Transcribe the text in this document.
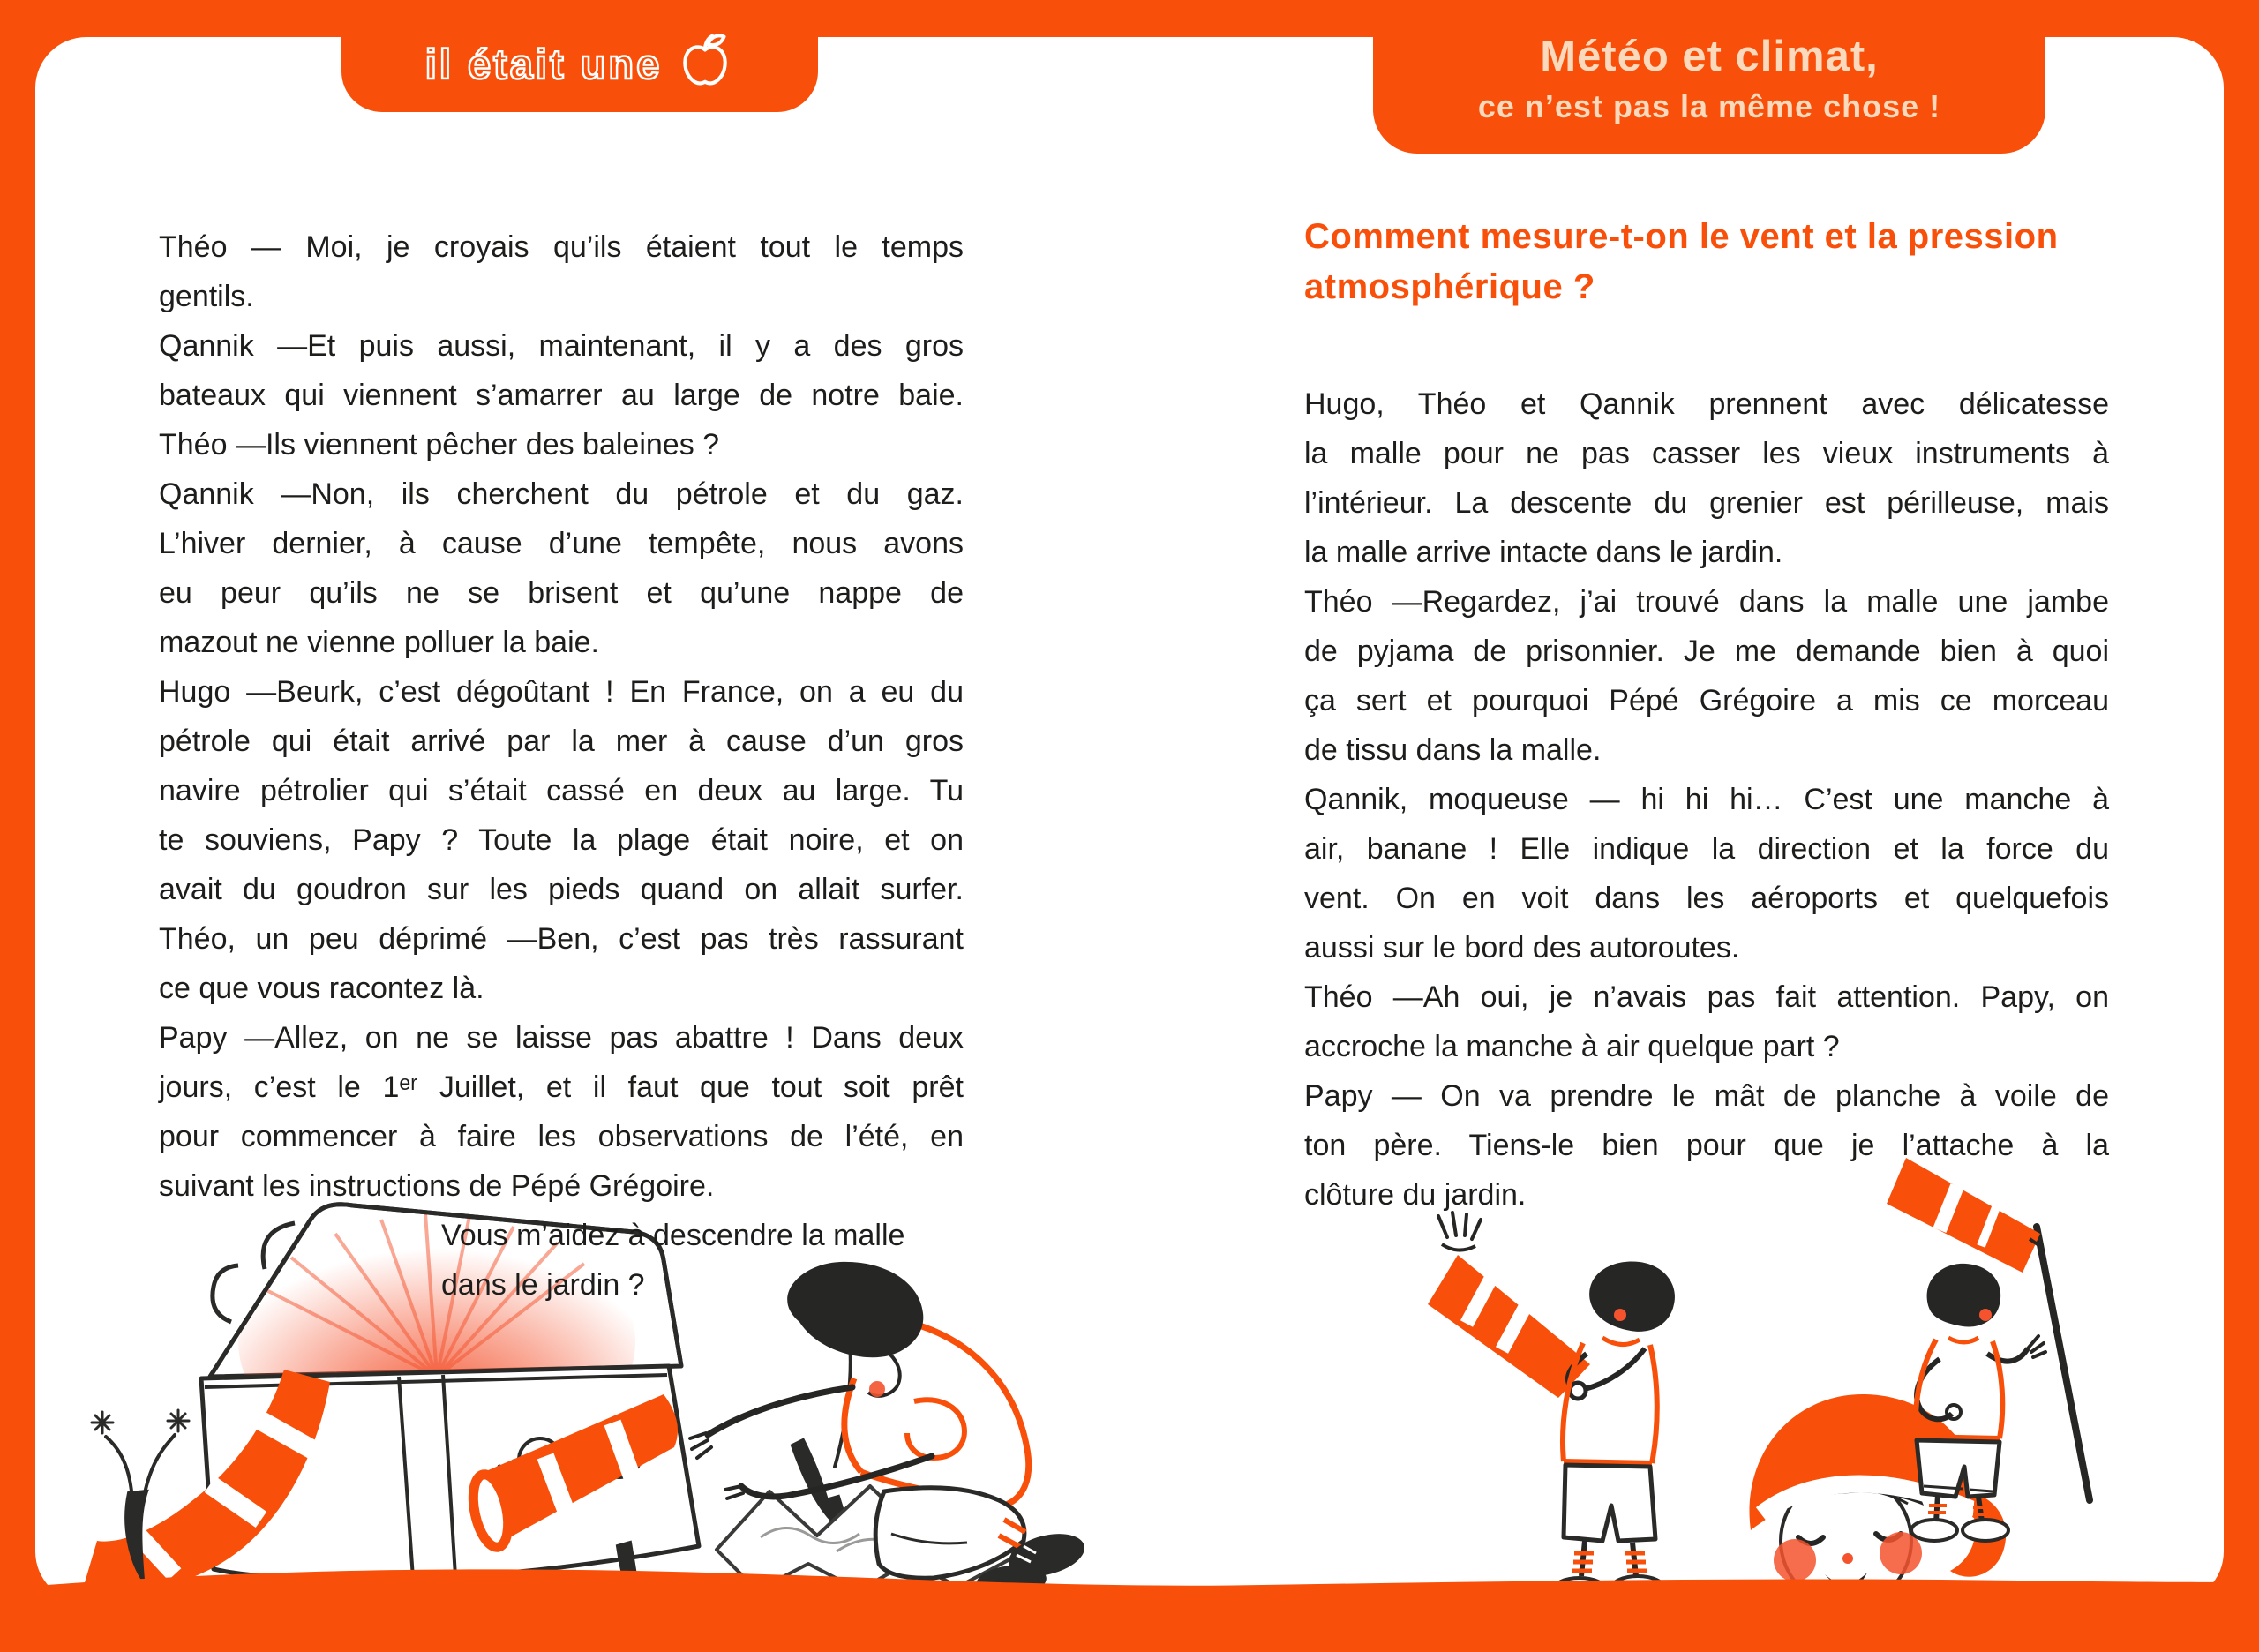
il était une	Météo et climat,
ce n’est pas la même chose !
Théo — Moi, je croyais qu’ils étaient tout le temps
gentils.
Qannik —Et puis aussi, maintenant, il y a des gros
bateaux qui viennent s’amarrer au large de notre baie.
Théo —Ils viennent pêcher des baleines ?
Qannik —Non, ils cherchent du pétrole et du gaz.
L’hiver dernier, à cause d’une tempête, nous avons
eu peur qu’ils ne se brisent et qu’une nappe de
mazout ne vienne polluer la baie.
Hugo —Beurk, c’est dégoûtant ! En France, on a eu du
pétrole qui était arrivé par la mer à cause d’un gros
navire pétrolier qui s’était cassé en deux au large. Tu
te souviens, Papy ? Toute la plage était noire, et on
avait du goudron sur les pieds quand on allait surfer.
Théo, un peu déprimé —Ben, c’est pas très rassurant
ce que vous racontez là.
Papy —Allez, on ne se laisse pas abattre ! Dans deux
jours, c’est le 1ᵉʳ Juillet, et il faut que tout soit prêt
pour commencer à faire les observations de l’été, en
suivant les instructions de Pépé Grégoire.
Vous m’aidez à descendre la malle
dans le jardin ?
Comment mesure-t-on le vent et la pression
atmosphérique ?
Hugo, Théo et Qannik prennent avec délicatesse
la malle pour ne pas casser les vieux instruments à
l’intérieur. La descente du grenier est périlleuse, mais
la malle arrive intacte dans le jardin.
Théo —Regardez, j’ai trouvé dans la malle une jambe
de pyjama de prisonnier. Je me demande bien à quoi
ça sert et pourquoi Pépé Grégoire a mis ce morceau
de tissu dans la malle.
Qannik, moqueuse — hi hi hi… C’est une manche à
air, banane ! Elle indique la direction et la force du
vent. On en voit dans les aéroports et quelquefois
aussi sur le bord des autoroutes.
Théo —Ah oui, je n’avais pas fait attention. Papy, on
accroche la manche à air quelque part ?
Papy — On va prendre le mât de planche à voile de
ton père. Tiens-le bien pour que je l’attache à la
clôture du jardin.
